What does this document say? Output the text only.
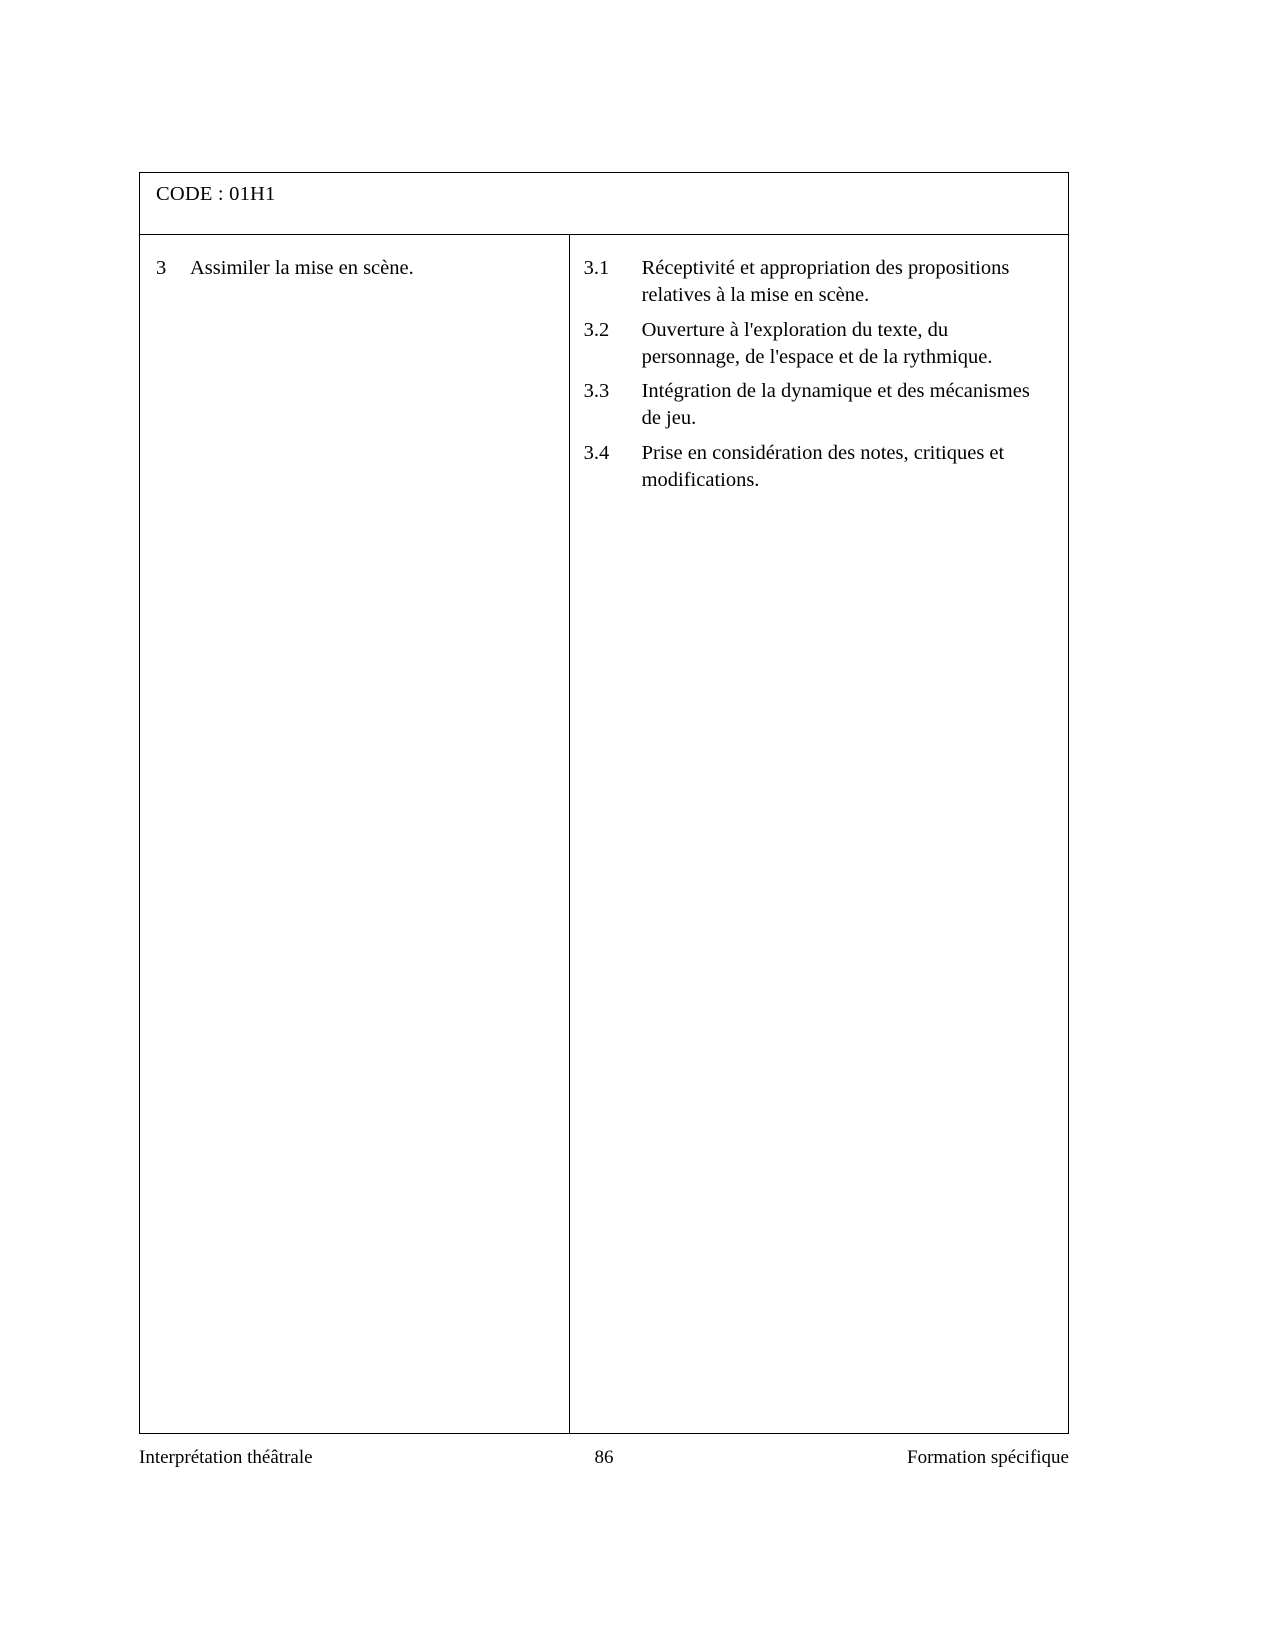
CODE : 01H1

3	Assimiler la mise en scène.	3.1	Réceptivité et appropriation des propositions relatives à la mise en scène.
3.2	Ouverture à l'exploration du texte, du personnage, de l'espace et de la rythmique.
3.3	Intégration de la dynamique et des mécanismes de jeu.
3.4	Prise en considération des notes, critiques et modifications.
Interprétation théâtrale	86	Formation spécifique
